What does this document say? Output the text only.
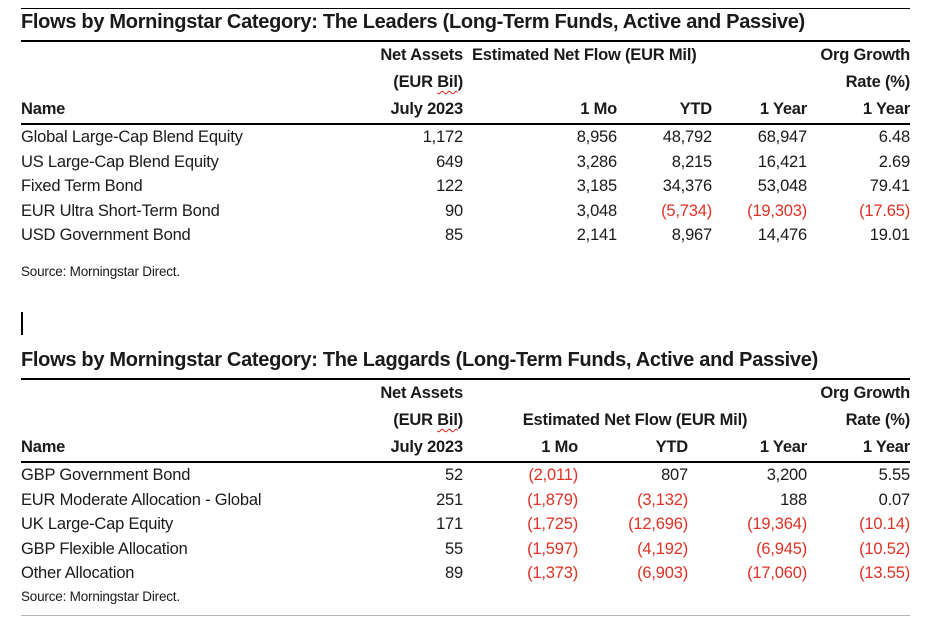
Flows by Morningstar Category: The Leaders (Long-Term Funds, Active and Passive)
	Net Assets	Estimated Net Flow (EUR Mil)			Org Growth
	(EUR Bil)				Rate (%)
Name	July 2023	1 Mo	YTD	1 Year	1 Year
Global Large-Cap Blend Equity	1,172	8,956	48,792	68,947	6.48
US Large-Cap Blend Equity	649	3,286	8,215	16,421	2.69
Fixed Term Bond	122	3,185	34,376	53,048	79.41
EUR Ultra Short-Term Bond	90	3,048	(5,734)	(19,303)	(17.65)
USD Government Bond	85	2,141	8,967	14,476	19.01

Source: Morningstar Direct.

Flows by Morningstar Category: The Laggards (Long-Term Funds, Active and Passive)
	Net Assets				Org Growth
	(EUR Bil)	Estimated Net Flow (EUR Mil)			Rate (%)
Name	July 2023	1 Mo	YTD	1 Year	1 Year
GBP Government Bond	52	(2,011)	807	3,200	5.55
EUR Moderate Allocation - Global	251	(1,879)	(3,132)	188	0.07
UK Large-Cap Equity	171	(1,725)	(12,696)	(19,364)	(10.14)
GBP Flexible Allocation	55	(1,597)	(4,192)	(6,945)	(10.52)
Other Allocation	89	(1,373)	(6,903)	(17,060)	(13.55)

Source: Morningstar Direct.
